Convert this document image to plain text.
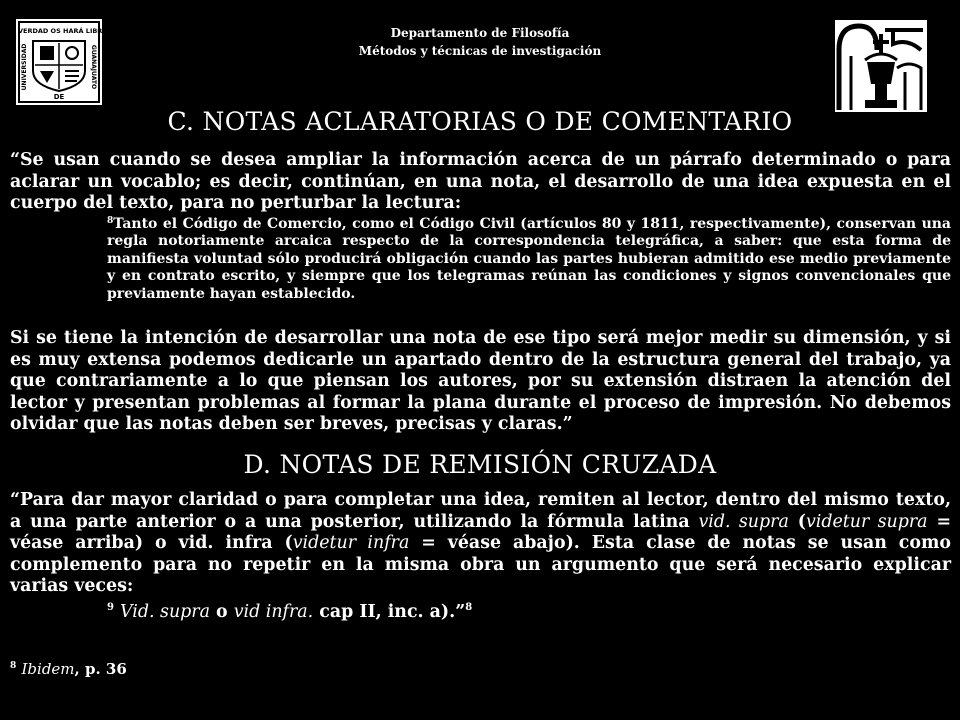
Departamento de Filosofía
Métodos y técnicas de investigación
LA VERDAD OS HARÁ LIBRES
DE
UNIVERSIDAD	GUANAJUATO
C. NOTAS ACLARATORIAS O DE COMENTARIO

“Se usan cuando se desea ampliar la información acerca de un párrafo determinado o para aclarar un vocablo; es decir, continúan, en una nota, el desarrollo de una idea expuesta en el cuerpo del texto, para no perturbar la lectura:

$^8$Tanto el Código de Comercio, como el Código Civil (artículos 80 y 1811, respectivamente), conservan una regla notoriamente arcaica respecto de la correspondencia telegráfica, a saber: que esta forma de manifiesta voluntad sólo producirá obligación cuando las partes hubieran admitido ese medio previamente y en contrato escrito, y siempre que los telegramas reúnan las condiciones y signos convencionales que previamente hayan establecido.

Si se tiene la intención de desarrollar una nota de ese tipo será mejor medir su dimensión, y si es muy extensa podemos dedicarle un apartado dentro de la estructura general del trabajo, ya que contrariamente a lo que piensan los autores, por su extensión distraen la atención del lector y presentan problemas al formar la plana durante el proceso de impresión. No debemos olvidar que las notas deben ser breves, precisas y claras.”

D. NOTAS DE REMISIÓN CRUZADA

“Para dar mayor claridad o para completar una idea, remiten al lector, dentro del mismo texto, a una parte anterior o a una posterior, utilizando la fórmula latina vid. supra (videtur supra = véase arriba) o vid. infra (videtur infra = véase abajo). Esta clase de notas se usan como complemento para no repetir en la misma obra un argumento que será necesario explicar varias veces:

$^9$ Vid. supra o vid infra. cap II, inc. a).”$^8$

$^8$ Ibidem, p. 36
